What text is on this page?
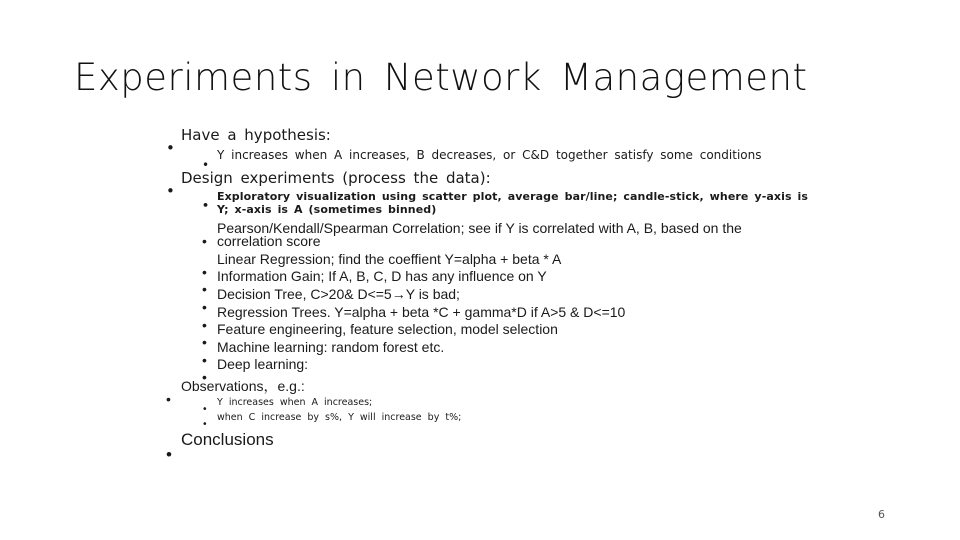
Experiments in Network Management
Have a hypothesis:
Y increases when A increases, B decreases, or C&D together satisfy some conditions
Design experiments (process the data):
Exploratory visualization using scatter plot, average bar/line; candle-stick, where y-axis is
Y; x-axis is A (sometimes binned)
Pearson/Kendall/Spearman Correlation; see if Y is correlated with A, B, based on the
correlation score
Linear Regression; find the coeffient Y=alpha + beta * A
Information Gain; If A, B, C, D has any influence on Y
Decision Tree, C>20& D<=5→Y is bad;
Regression Trees. Y=alpha + beta *C + gamma*D if A>5 & D<=10
Feature engineering, feature selection, model selection
Machine learning: random forest etc.
Deep learning:
Observations，e.g.:
Y increases when A increases;
when C increase by s%, Y will increase by t%;
Conclusions
6
